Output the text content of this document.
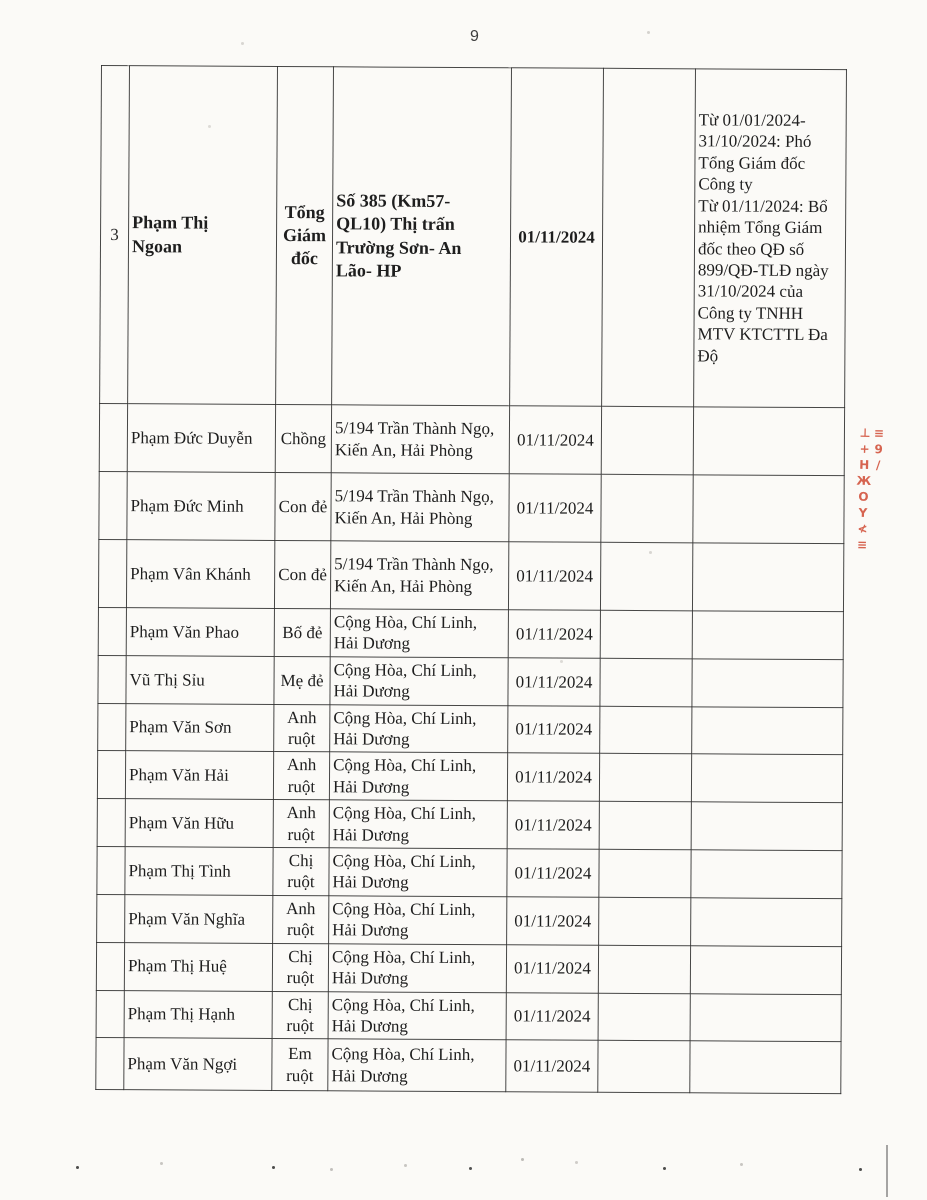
9
3	Phạm Thị Ngoan	Tổng Giám đốc	Số 385 (Km57-QL10) Thị trấn Trường Sơn- An Lão- HP	01/11/2024		Từ 01/01/2024-31/10/2024: Phó Tổng Giám đốc Công ty
Từ 01/11/2024: Bổ nhiệm Tổng Giám đốc theo QĐ số 899/QĐ-TLĐ ngày 31/10/2024 của Công ty TNHH MTV KTCTTL Đa Độ
	Phạm Đức Duyễn	Chồng	5/194 Trần Thành Ngọ, Kiến An, Hải Phòng	01/11/2024		
	Phạm Đức Minh	Con đẻ	5/194 Trần Thành Ngọ, Kiến An, Hải Phòng	01/11/2024		
	Phạm Vân Khánh	Con đẻ	5/194 Trần Thành Ngọ, Kiến An, Hải Phòng	01/11/2024		
	Phạm Văn Phao	Bố đẻ	Cộng Hòa, Chí Linh, Hải Dương	01/11/2024		
	Vũ Thị Sỉu	Mẹ đẻ	Cộng Hòa, Chí Linh, Hải Dương	01/11/2024		
	Phạm Văn Sơn	Anh ruột	Cộng Hòa, Chí Linh, Hải Dương	01/11/2024		
	Phạm Văn Hải	Anh ruột	Cộng Hòa, Chí Linh, Hải Dương	01/11/2024		
	Phạm Văn Hữu	Anh ruột	Cộng Hòa, Chí Linh, Hải Dương	01/11/2024		
	Phạm Thị Tình	Chị ruột	Cộng Hòa, Chí Linh, Hải Dương	01/11/2024		
	Phạm Văn Nghĩa	Anh ruột	Cộng Hòa, Chí Linh, Hải Dương	01/11/2024		
	Phạm Thị Huệ	Chị ruột	Cộng Hòa, Chí Linh, Hải Dương	01/11/2024		
	Phạm Thị Hạnh	Chị ruột	Cộng Hòa, Chí Linh, Hải Dương	01/11/2024		
	Phạm Văn Ngợi	Em ruột	Cộng Hòa, Chí Linh, Hải Dương	01/11/2024		
≡9/⊥+HЖOY≮≡
